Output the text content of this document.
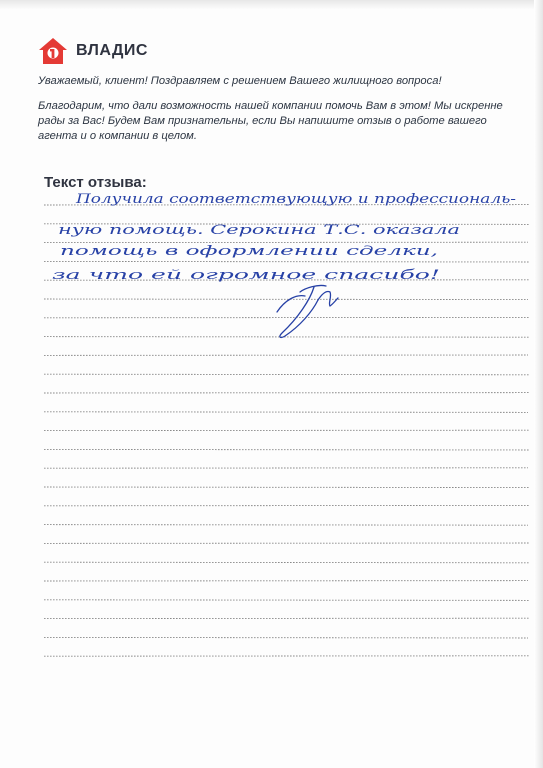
ВЛАДИС

Уважаемый, клиент! Поздравляем с решением Вашего жилищного вопроса!

Благодарим, что дали возможность нашей компании помочь Вам в этом! Мы искренне рады за Вас! Будем Вам признательны, если Вы напишите отзыв о работе вашего агента и о компании в целом.

Текст отзыва:
Получила соответствующую и профессиональ-
ную помощь. Серокина Т.С. оказала
помощь в оформлении сделки,
за что ей огромное спасибо!
